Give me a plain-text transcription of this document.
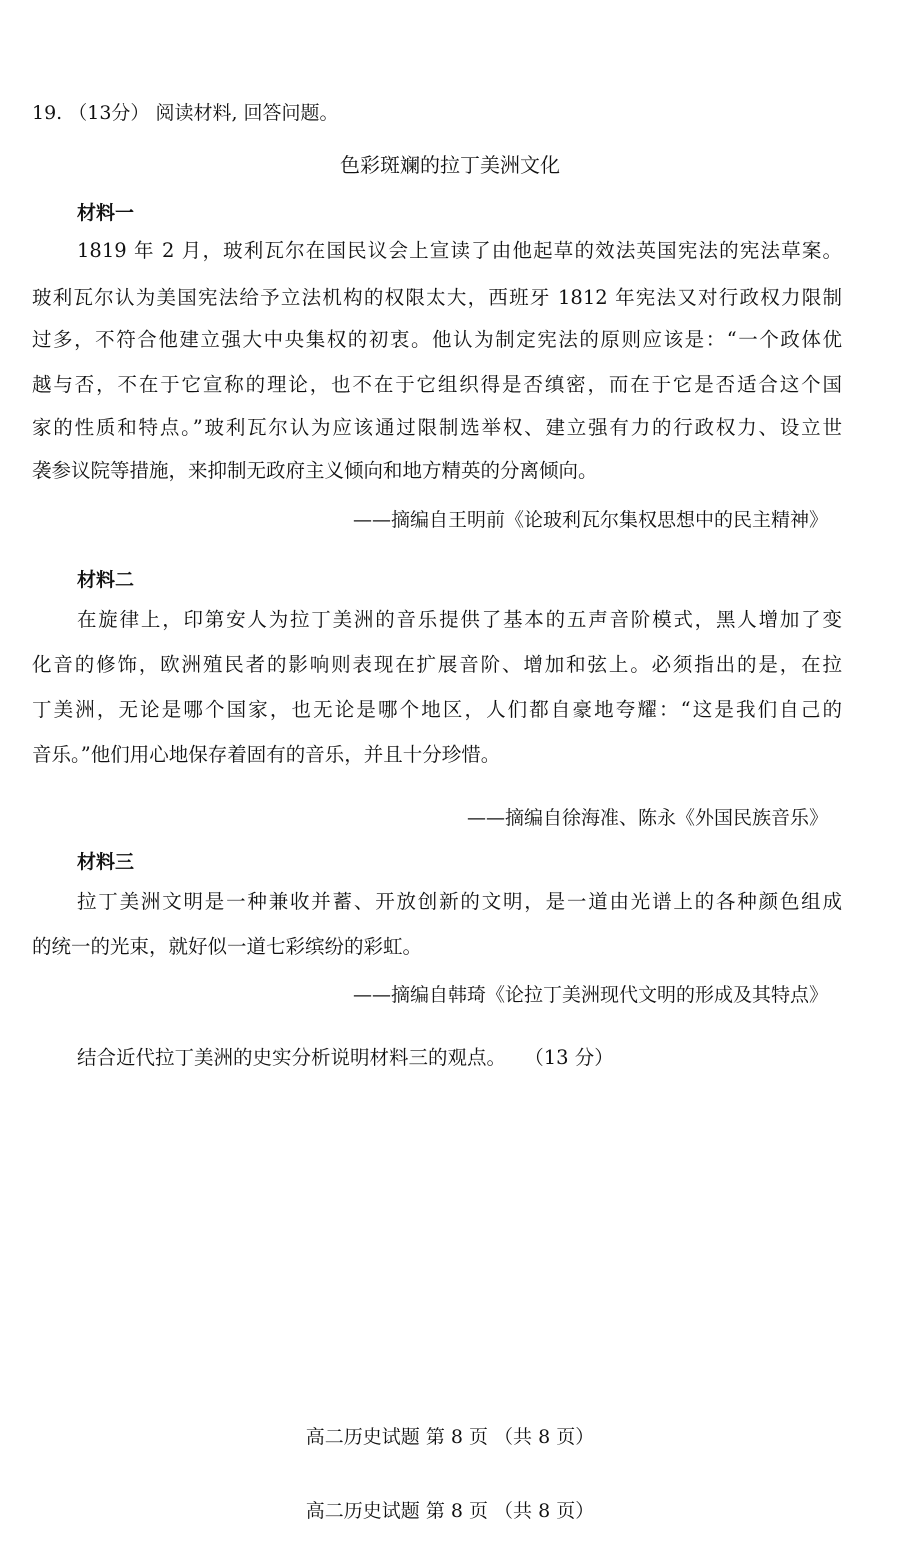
19. （13分） 阅读材料, 回答问题。
色彩斑斓的拉丁美洲文化
材料一
1819 年 2 月，玻利瓦尔在国民议会上宣读了由他起草的效法英国宪法的宪法草案。
玻利瓦尔认为美国宪法给予立法机构的权限太大，西班牙 1812 年宪法又对行政权力限制
过多，不符合他建立强大中央集权的初衷。他认为制定宪法的原则应该是：“一个政体优
越与否，不在于它宣称的理论，也不在于它组织得是否缜密，而在于它是否适合这个国
家的性质和特点。”玻利瓦尔认为应该通过限制选举权、建立强有力的行政权力、设立世
袭参议院等措施，来抑制无政府主义倾向和地方精英的分离倾向。
——摘编自王明前《论玻利瓦尔集权思想中的民主精神》
材料二
在旋律上，印第安人为拉丁美洲的音乐提供了基本的五声音阶模式，黑人增加了变
化音的修饰，欧洲殖民者的影响则表现在扩展音阶、增加和弦上。必须指出的是，在拉
丁美洲，无论是哪个国家，也无论是哪个地区，人们都自豪地夸耀：“这是我们自己的
音乐。”他们用心地保存着固有的音乐，并且十分珍惜。
——摘编自徐海准、陈永《外国民族音乐》
材料三
拉丁美洲文明是一种兼收并蓄、开放创新的文明，是一道由光谱上的各种颜色组成
的统一的光束，就好似一道七彩缤纷的彩虹。
——摘编自韩琦《论拉丁美洲现代文明的形成及其特点》
结合近代拉丁美洲的史实分析说明材料三的观点。 （13 分）
高二历史试题 第 8 页 （共 8 页）
高二历史试题 第 8 页 （共 8 页）
